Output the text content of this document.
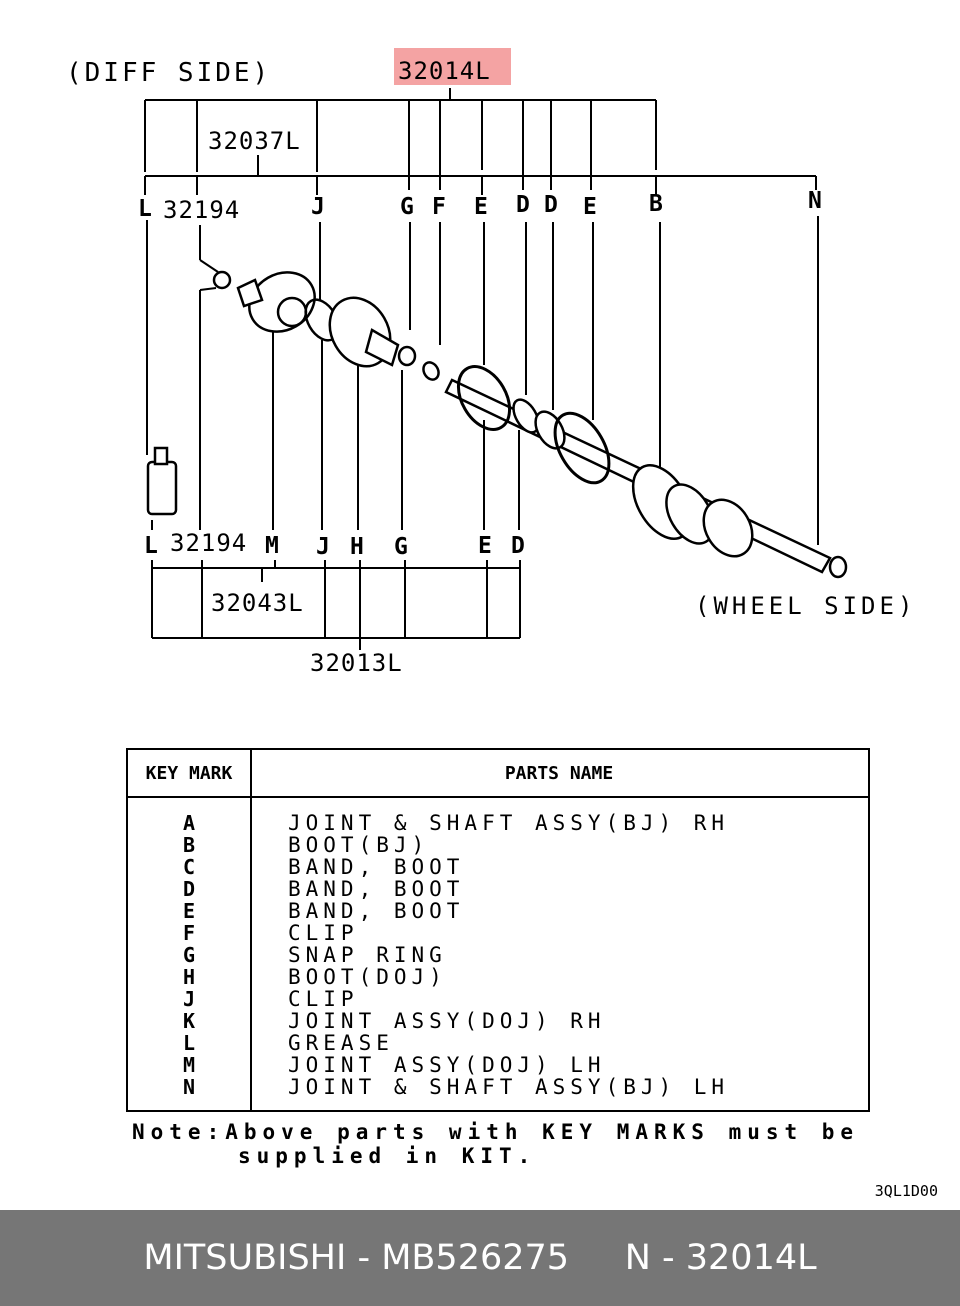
(DIFF SIDE)	32014L
32037L
32194
L	J	G F E D D E B	N
L	M J H G	E D
32194
32043L
32013L
(WHEEL SIDE)
KEY MARK	PARTS NAME
A	JOINT & SHAFT ASSY(BJ) RH
B	BOOT(BJ)
C	BAND, BOOT
D	BAND, BOOT
E	BAND, BOOT
F	CLIP
G	SNAP RING
H	BOOT(DOJ)
J	CLIP
K	JOINT ASSY(DOJ) RH
L	GREASE
M	JOINT ASSY(DOJ) LH
N	JOINT & SHAFT ASSY(BJ) LH
Note:Above parts with KEY MARKS must be
supplied in KIT.
3QL1D00
MITSUBISHI - MB526275
N - 32014L
